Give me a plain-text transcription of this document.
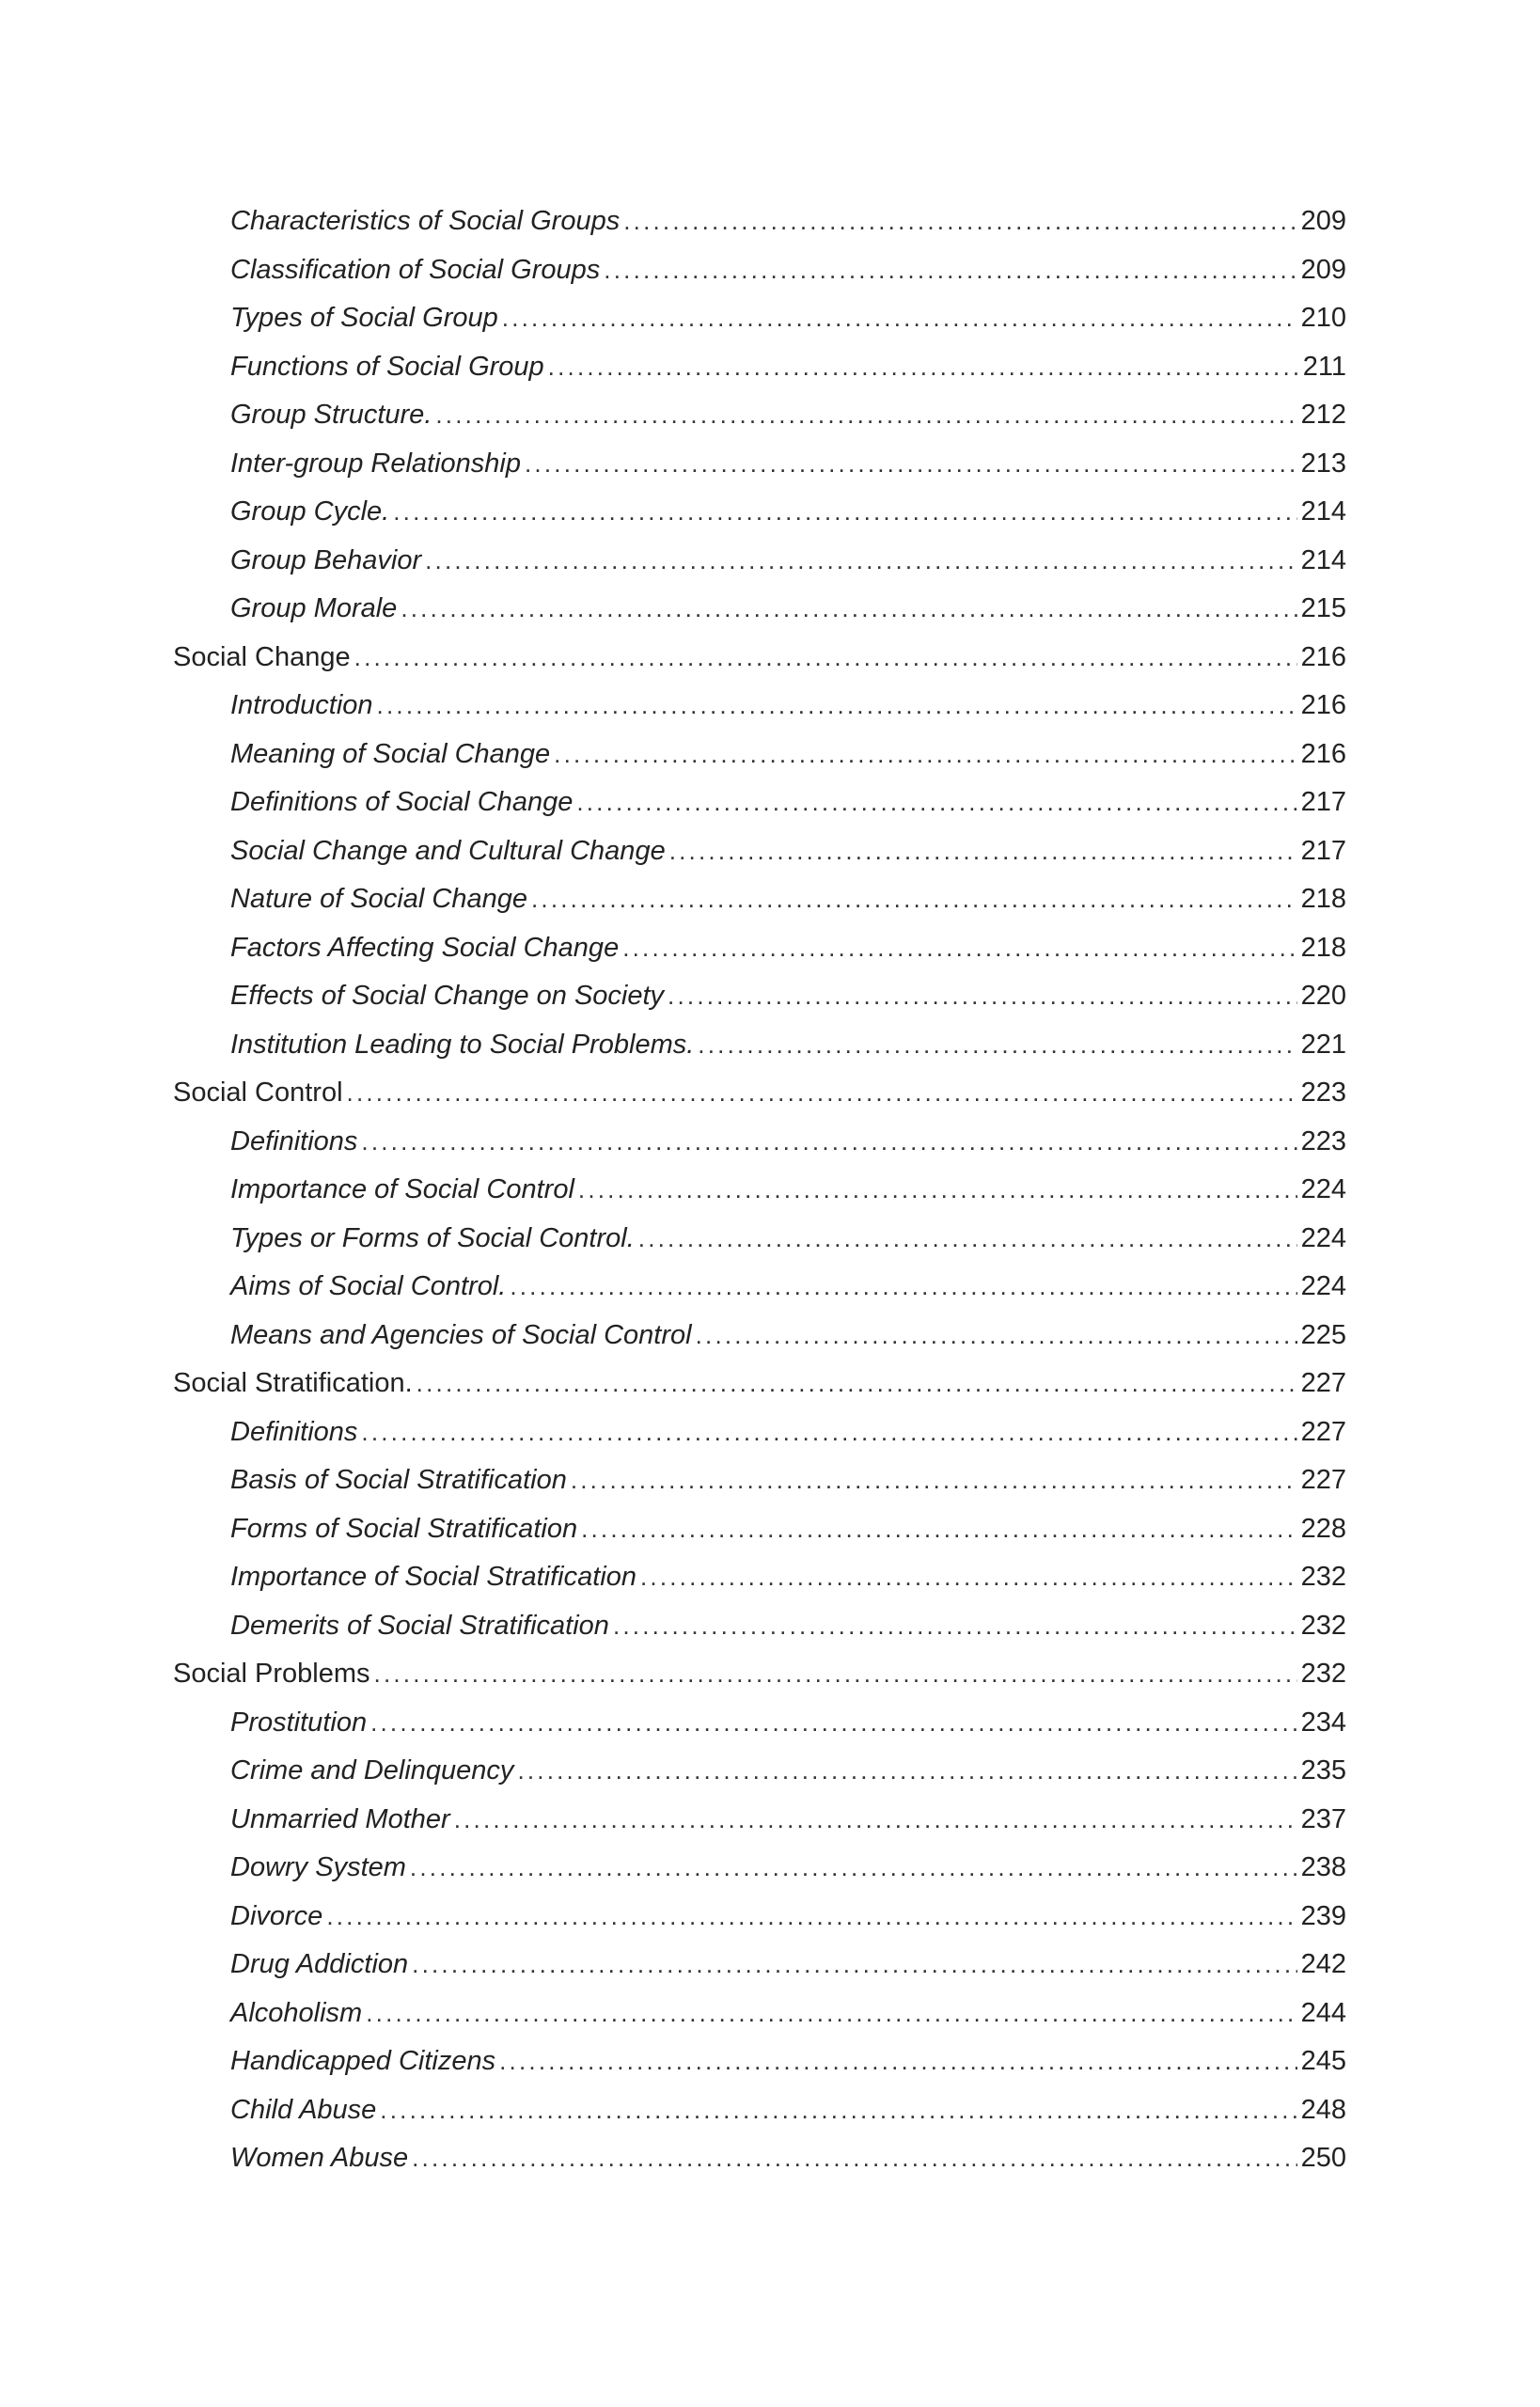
Characteristics of Social Groups .....	209
Classification of Social Groups .....	209
Types of Social Group .....	210
Functions of Social Group .....	211
Group Structure. .....	212
Inter-group Relationship .....	213
Group Cycle. .....	214
Group Behavior .....	214
Group Morale .....	215
Social Change .....	216
Introduction .....	216
Meaning of Social Change .....	216
Definitions of Social Change .....	217
Social Change and Cultural Change .....	217
Nature of Social Change .....	218
Factors Affecting Social Change .....	218
Effects of Social Change on Society .....	220
Institution Leading to Social Problems. .....	221
Social Control .....	223
Definitions .....	223
Importance of Social Control .....	224
Types or Forms of Social Control. .....	224
Aims of Social Control. .....	224
Means and Agencies of Social Control .....	225
Social Stratification. .....	227
Definitions .....	227
Basis of Social Stratification .....	227
Forms of Social Stratification .....	228
Importance of Social Stratification .....	232
Demerits of Social Stratification .....	232
Social Problems .....	232
Prostitution .....	234
Crime and Delinquency .....	235
Unmarried Mother .....	237
Dowry System .....	238
Divorce .....	239
Drug Addiction .....	242
Alcoholism .....	244
Handicapped Citizens .....	245
Child Abuse .....	248
Women Abuse .....	250
